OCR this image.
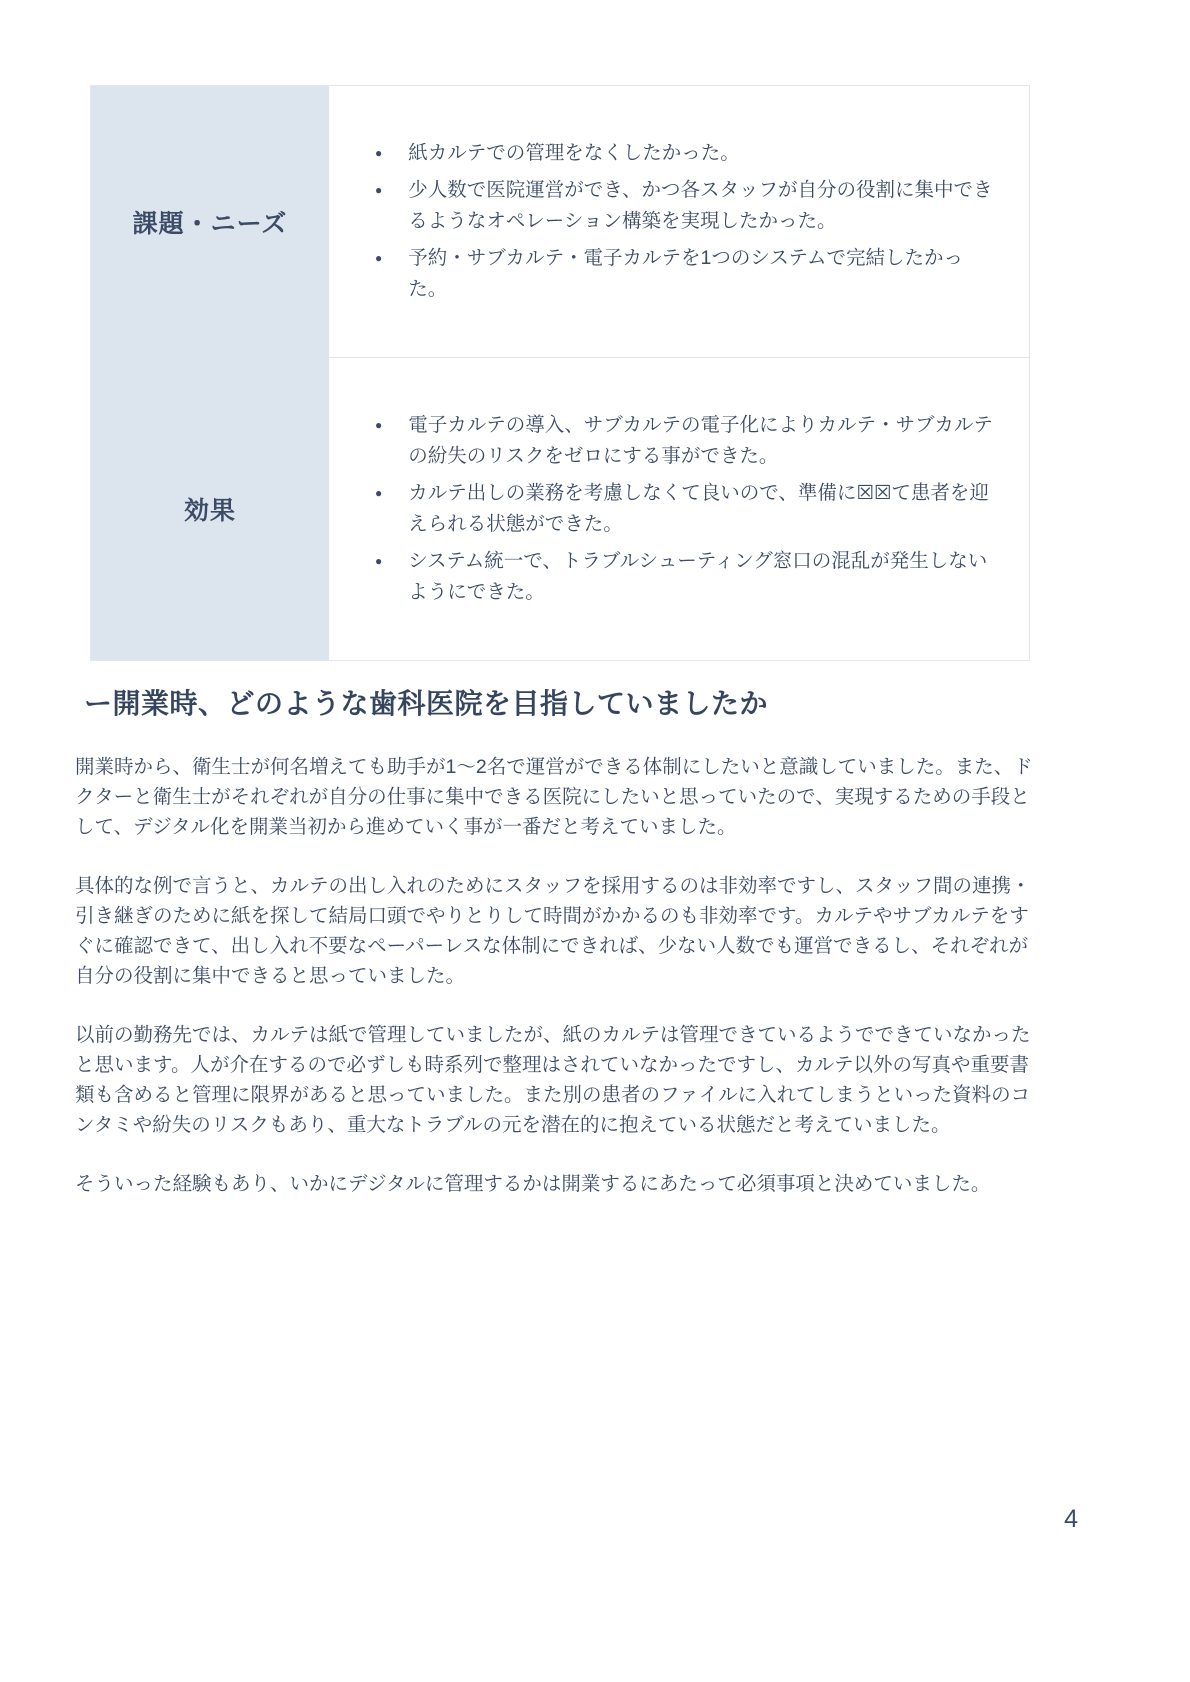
課題・ニーズ
● 紙カルテでの管理をなくしたかった。
● 少人数で医院運営ができ、かつ各スタッフが自分の役割に集中できるようなオペレーション構築を実現したかった。
● 予約・サブカルテ・電子カルテを1つのシステムで完結したかった。
効果
● 電子カルテの導入、サブカルテの電子化によりカルテ・サブカルテの紛失のリスクをゼロにする事ができた。
● カルテ出しの業務を考慮しなくて良いので、準備に☒☒て患者を迎えられる状態ができた。
● システム統一で、トラブルシューティング窓口の混乱が発生しないようにできた。
ー開業時、どのような歯科医院を目指していましたか

開業時から、衛生士が何名増えても助手が1〜2名で運営ができる体制にしたいと意識していました。また、ドクターと衛生士がそれぞれが自分の仕事に集中できる医院にしたいと思っていたので、実現するための手段として、デジタル化を開業当初から進めていく事が一番だと考えていました。

具体的な例で言うと、カルテの出し入れのためにスタッフを採用するのは非効率ですし、スタッフ間の連携・引き継ぎのために紙を探して結局口頭でやりとりして時間がかかるのも非効率です。カルテやサブカルテをすぐに確認できて、出し入れ不要なペーパーレスな体制にできれば、少ない人数でも運営できるし、それぞれが自分の役割に集中できると思っていました。

以前の勤務先では、カルテは紙で管理していましたが、紙のカルテは管理できているようでできていなかったと思います。人が介在するので必ずしも時系列で整理はされていなかったですし、カルテ以外の写真や重要書類も含めると管理に限界があると思っていました。また別の患者のファイルに入れてしまうといった資料のコンタミや紛失のリスクもあり、重大なトラブルの元を潜在的に抱えている状態だと考えていました。

そういった経験もあり、いかにデジタルに管理するかは開業するにあたって必須事項と決めていました。

4
